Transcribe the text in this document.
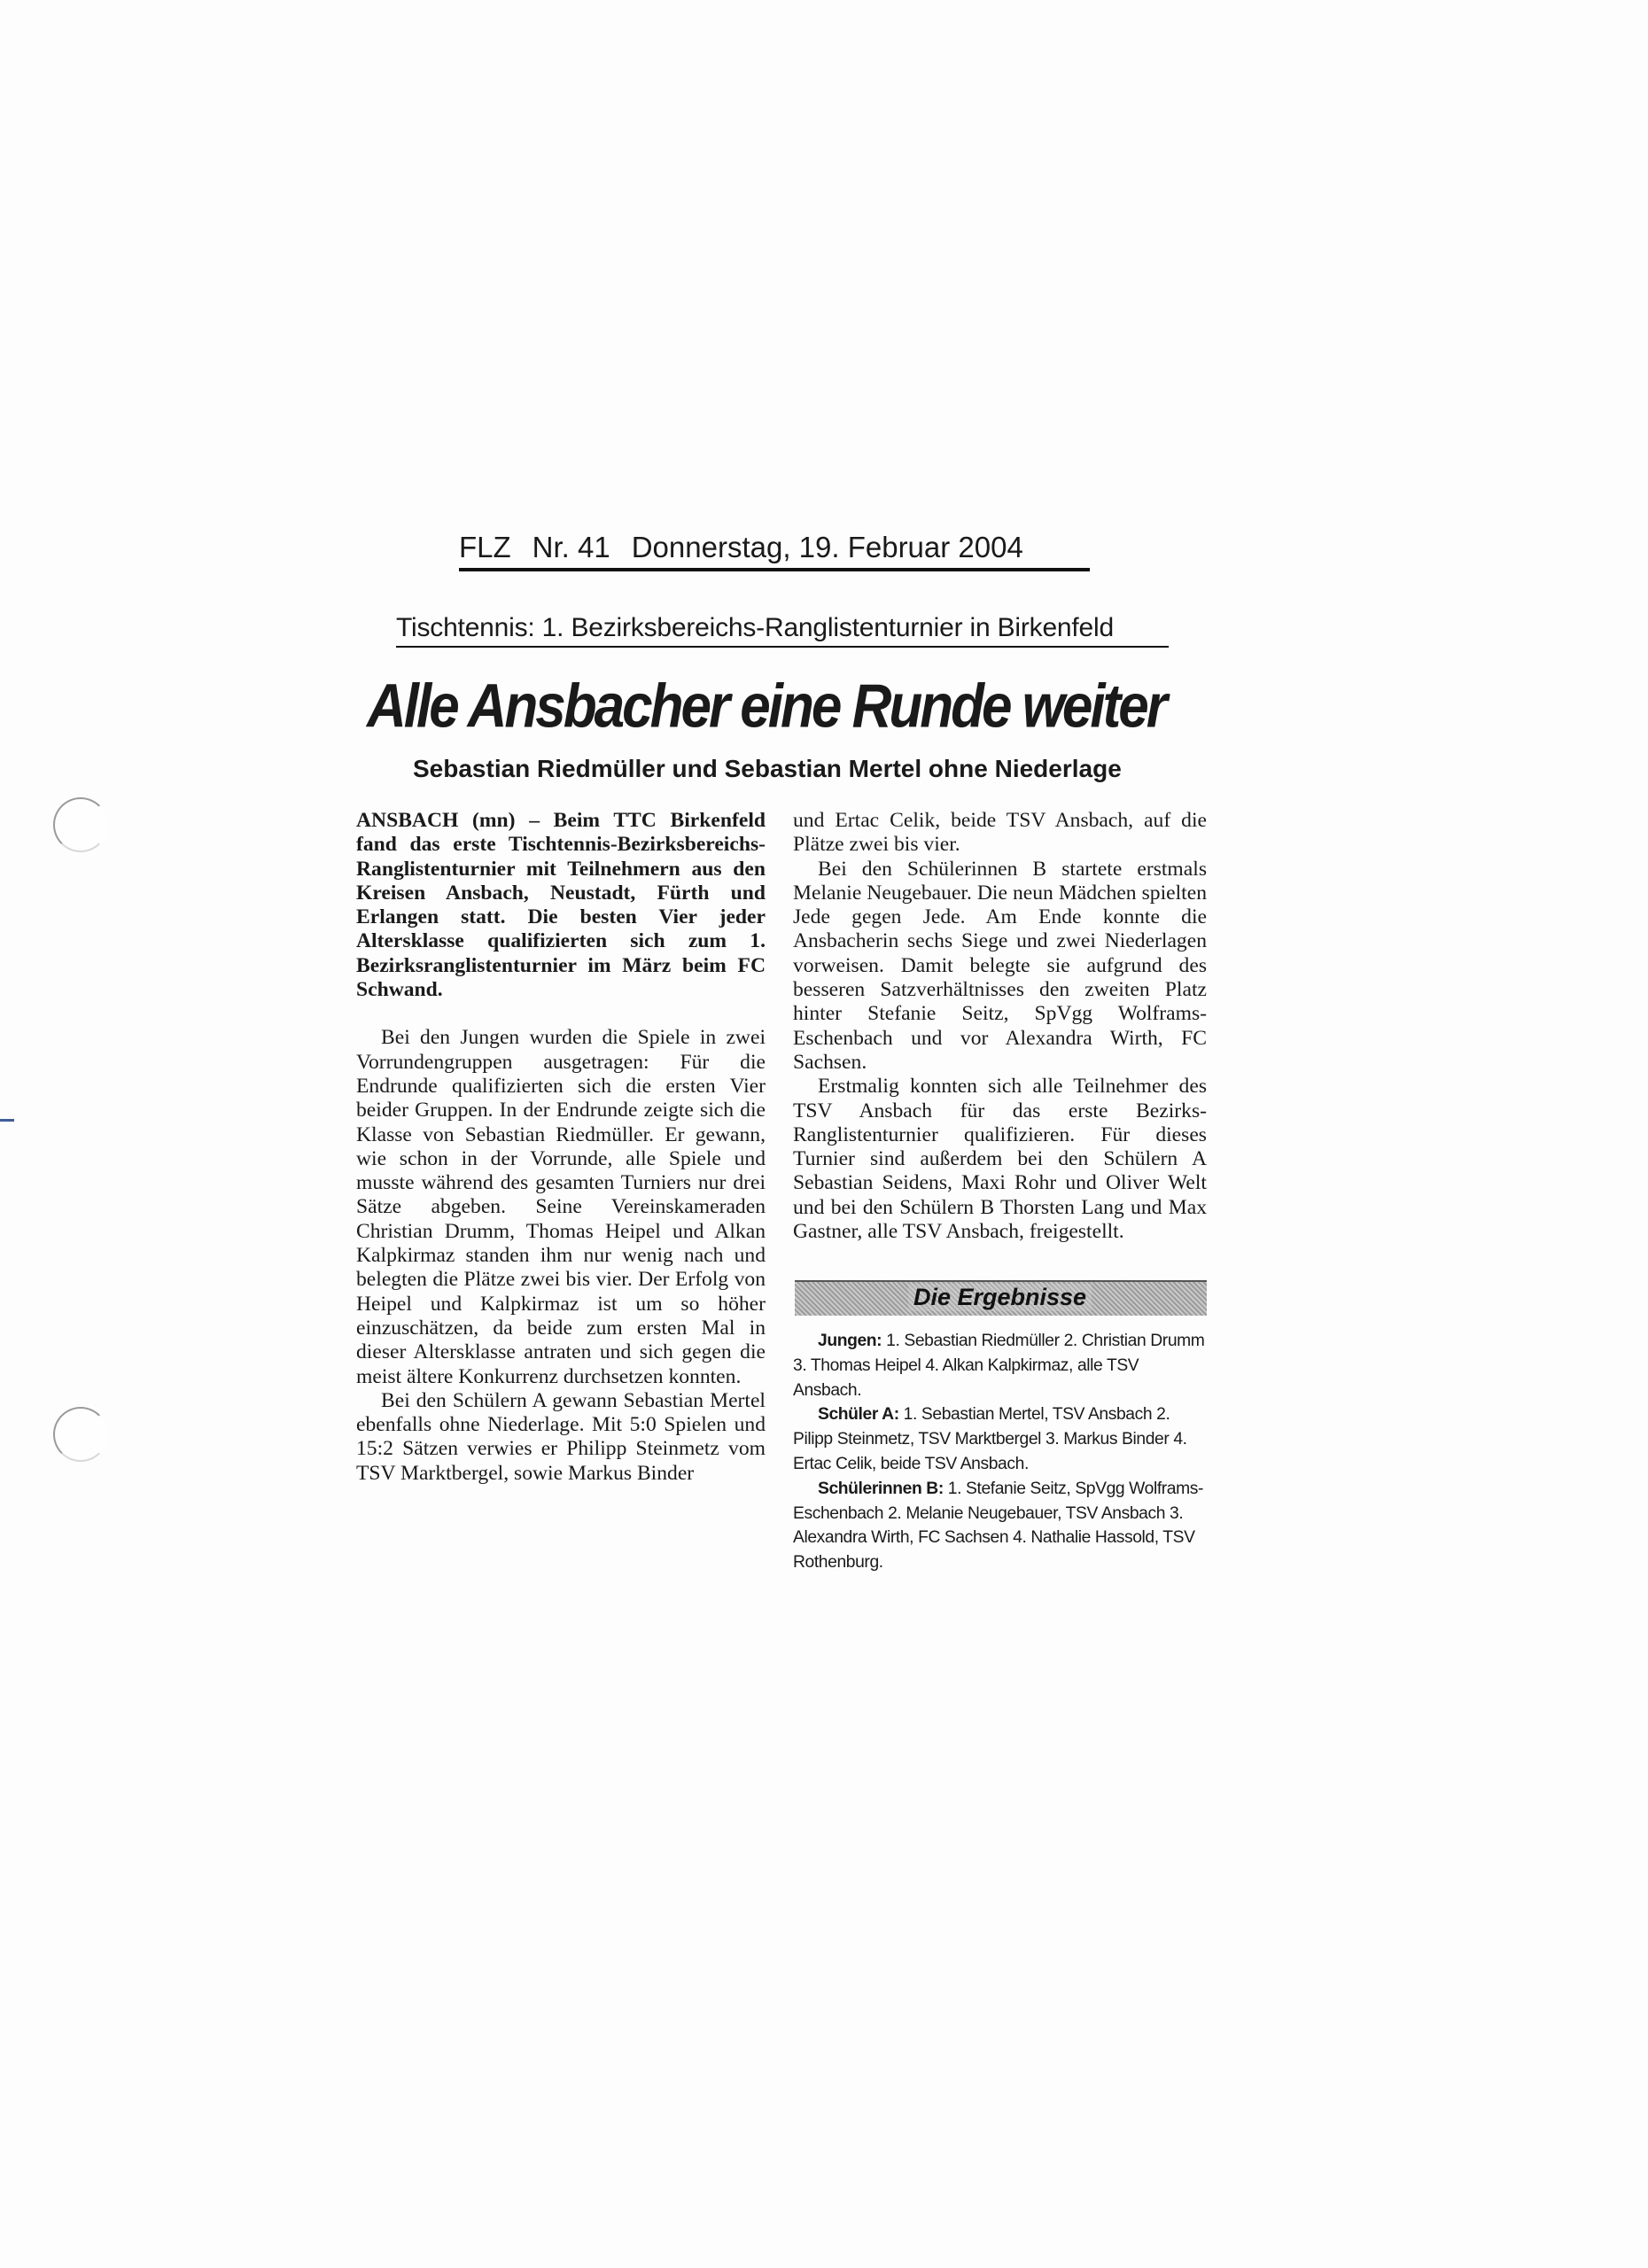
FLZ Nr. 41 Donnerstag, 19. Februar 2004
Tischtennis: 1. Bezirksbereichs-Ranglistenturnier in Birkenfeld
Alle Ansbacher eine Runde weiter
Sebastian Riedmüller und Sebastian Mertel ohne Niederlage

ANSBACH (mn) – Beim TTC Birkenfeld fand das erste Tischtennis-Bezirksbereichs-Ranglistenturnier mit Teilnehmern aus den Kreisen Ansbach, Neustadt, Fürth und Erlangen statt. Die besten Vier jeder Altersklasse qualifizierten sich zum 1. Bezirksranglistenturnier im März beim FC Schwand.

Bei den Jungen wurden die Spiele in zwei Vorrundengruppen ausgetragen: Für die Endrunde qualifizierten sich die ersten Vier beider Gruppen. In der Endrunde zeigte sich die Klasse von Sebastian Riedmüller. Er gewann, wie schon in der Vorrunde, alle Spiele und musste während des gesamten Turniers nur drei Sätze abgeben. Seine Vereinskameraden Christian Drumm, Thomas Heipel und Alkan Kalpkirmaz standen ihm nur wenig nach und belegten die Plätze zwei bis vier. Der Erfolg von Heipel und Kalpkirmaz ist um so höher einzuschätzen, da beide zum ersten Mal in dieser Altersklasse antraten und sich gegen die meist ältere Konkurrenz durchsetzen konnten.

Bei den Schülern A gewann Sebastian Mertel ebenfalls ohne Niederlage. Mit 5:0 Spielen und 15:2 Sätzen verwies er Philipp Steinmetz vom TSV Marktbergel, sowie Markus Binder

und Ertac Celik, beide TSV Ansbach, auf die Plätze zwei bis vier.

Bei den Schülerinnen B startete erstmals Melanie Neugebauer. Die neun Mädchen spielten Jede gegen Jede. Am Ende konnte die Ansbacherin sechs Siege und zwei Niederlagen vorweisen. Damit belegte sie aufgrund des besseren Satzverhältnisses den zweiten Platz hinter Stefanie Seitz, SpVgg Wolframs-Eschenbach und vor Alexandra Wirth, FC Sachsen.

Erstmalig konnten sich alle Teilnehmer des TSV Ansbach für das erste Bezirks-Ranglistenturnier qualifizieren. Für dieses Turnier sind außerdem bei den Schülern A Sebastian Seidens, Maxi Rohr und Oliver Welt und bei den Schülern B Thorsten Lang und Max Gastner, alle TSV Ansbach, freigestellt.

Die Ergebnisse

Jungen: 1. Sebastian Riedmüller 2. Christian Drumm 3. Thomas Heipel 4. Alkan Kalpkirmaz, alle TSV Ansbach.

Schüler A: 1. Sebastian Mertel, TSV Ansbach 2. Pilipp Steinmetz, TSV Marktbergel 3. Markus Binder 4. Ertac Celik, beide TSV Ansbach.

Schülerinnen B: 1. Stefanie Seitz, SpVgg Wolframs-Eschenbach 2. Melanie Neugebauer, TSV Ansbach 3. Alexandra Wirth, FC Sachsen 4. Nathalie Hassold, TSV Rothenburg.
